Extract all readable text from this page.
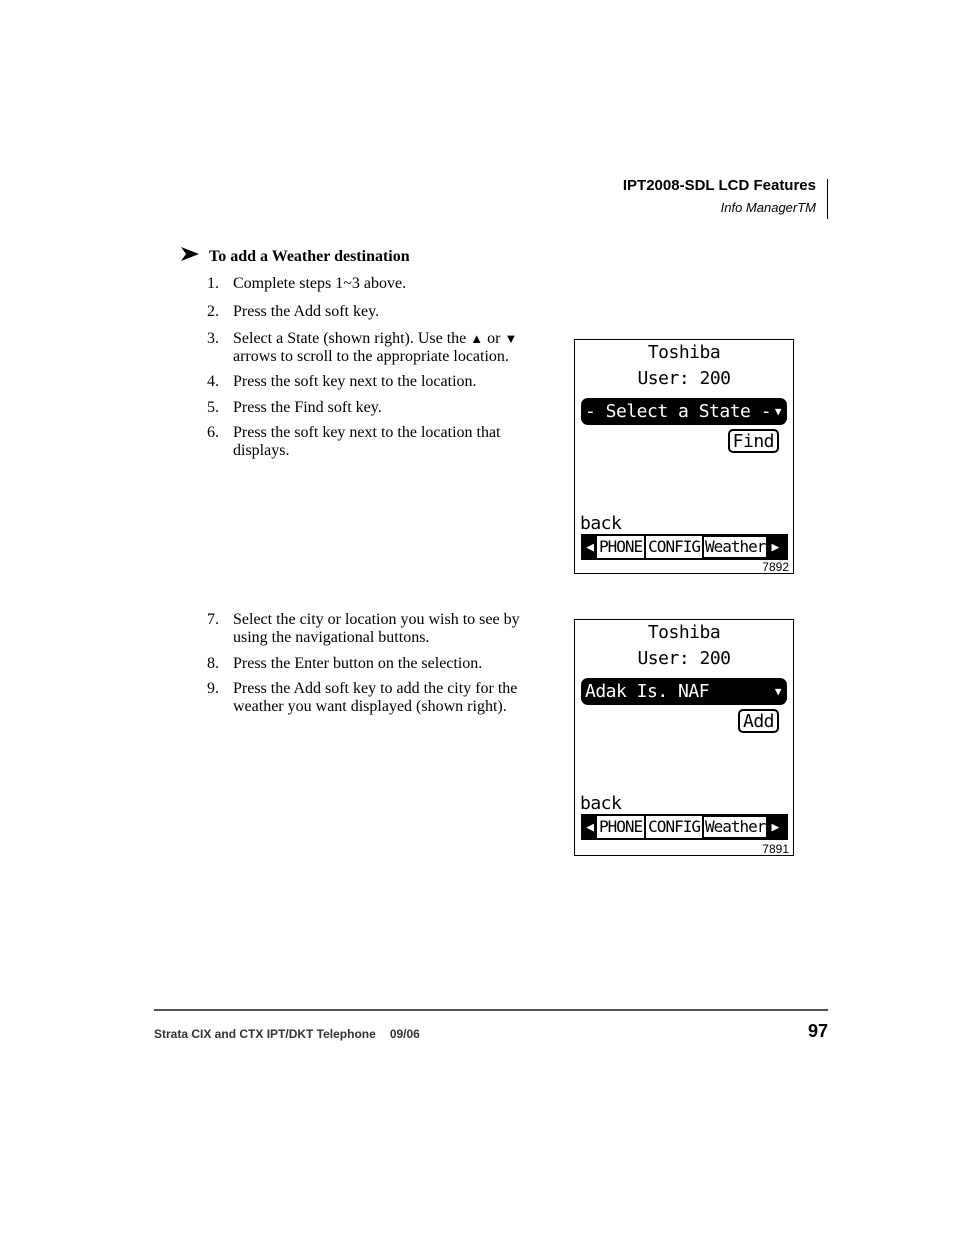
IPT2008-SDL LCD Features
Info ManagerTM
To add a Weather destination
1. Complete steps 1~3 above.
2. Press the Add soft key.
3. Select a State (shown right). Use the ▲ or ▼ arrows to scroll to the appropriate location.
4. Press the soft key next to the location.
5. Press the Find soft key.
6. Press the soft key next to the location that displays.
Toshiba
User: 200
- Select a State - ▼
Find
back
◀ PHONE CONFIG Weather ▶
7892
7. Select the city or location you wish to see by using the navigational buttons.
8. Press the Enter button on the selection.
9. Press the Add soft key to add the city for the weather you want displayed (shown right).
Toshiba
User: 200
Adak Is. NAF	▼
Add
back
◀ PHONE CONFIG Weather ▶
7891
Strata CIX and CTX IPT/DKT Telephone 09/06	97
